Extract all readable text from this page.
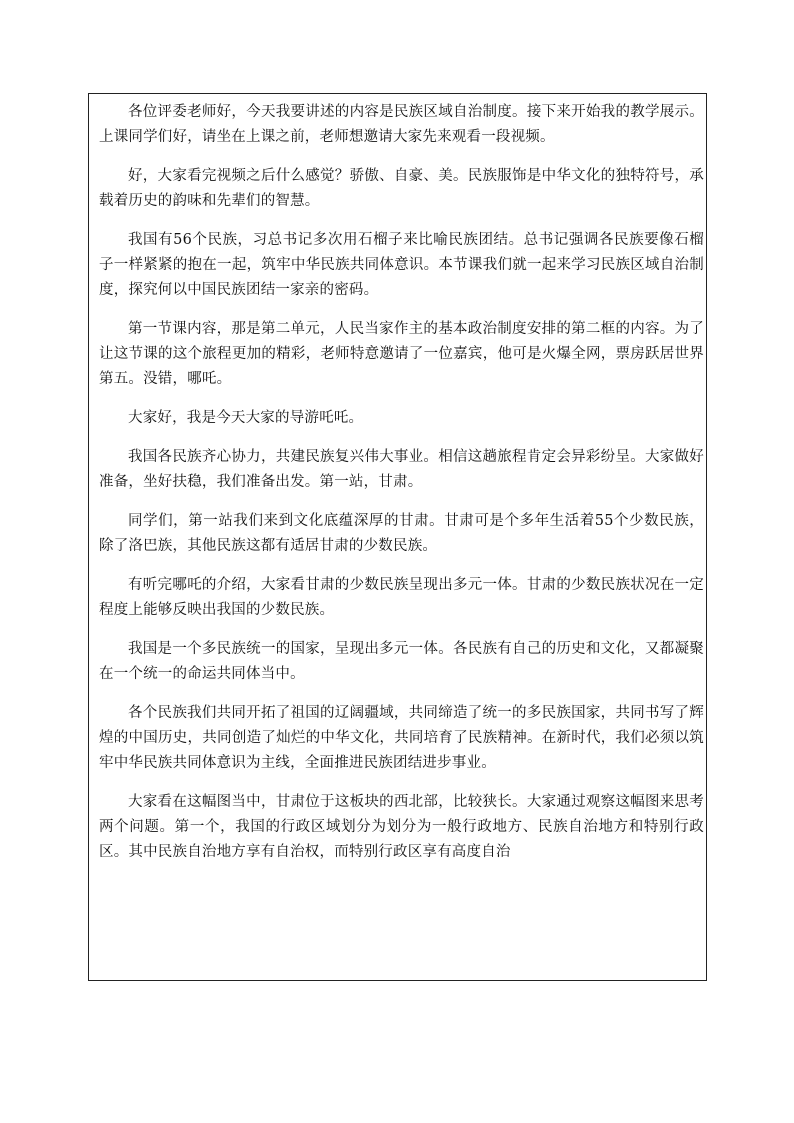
各位评委老师好，今天我要讲述的内容是民族区域自治制度。接下来开始我的教学展示。上课同学们好，请坐在上课之前，老师想邀请大家先来观看一段视频。

好，大家看完视频之后什么感觉？骄傲、自豪、美。民族服饰是中华文化的独特符号，承载着历史的韵味和先辈们的智慧。

我国有56个民族，习总书记多次用石榴子来比喻民族团结。总书记强调各民族要像石榴子一样紧紧的抱在一起，筑牢中华民族共同体意识。本节课我们就一起来学习民族区域自治制度，探究何以中国民族团结一家亲的密码。

第一节课内容，那是第二单元，人民当家作主的基本政治制度安排的第二框的内容。为了让这节课的这个旅程更加的精彩，老师特意邀请了一位嘉宾，他可是火爆全网，票房跃居世界第五。没错，哪吒。

大家好，我是今天大家的导游吒吒。

我国各民族齐心协力，共建民族复兴伟大事业。相信这趟旅程肯定会异彩纷呈。大家做好准备，坐好扶稳，我们准备出发。第一站，甘肃。

同学们，第一站我们来到文化底蕴深厚的甘肃。甘肃可是个多年生活着55个少数民族，除了洛巴族，其他民族这都有适居甘肃的少数民族。

有听完哪吒的介绍，大家看甘肃的少数民族呈现出多元一体。甘肃的少数民族状况在一定程度上能够反映出我国的少数民族。

我国是一个多民族统一的国家，呈现出多元一体。各民族有自己的历史和文化，又都凝聚在一个统一的命运共同体当中。

各个民族我们共同开拓了祖国的辽阔疆域，共同缔造了统一的多民族国家，共同书写了辉煌的中国历史，共同创造了灿烂的中华文化，共同培育了民族精神。在新时代，我们必须以筑牢中华民族共同体意识为主线，全面推进民族团结进步事业。

大家看在这幅图当中，甘肃位于这板块的西北部，比较狭长。大家通过观察这幅图来思考两个问题。第一个，我国的行政区域划分为划分为一般行政地方、民族自治地方和特别行政区。其中民族自治地方享有自治权，而特别行政区享有高度自治
